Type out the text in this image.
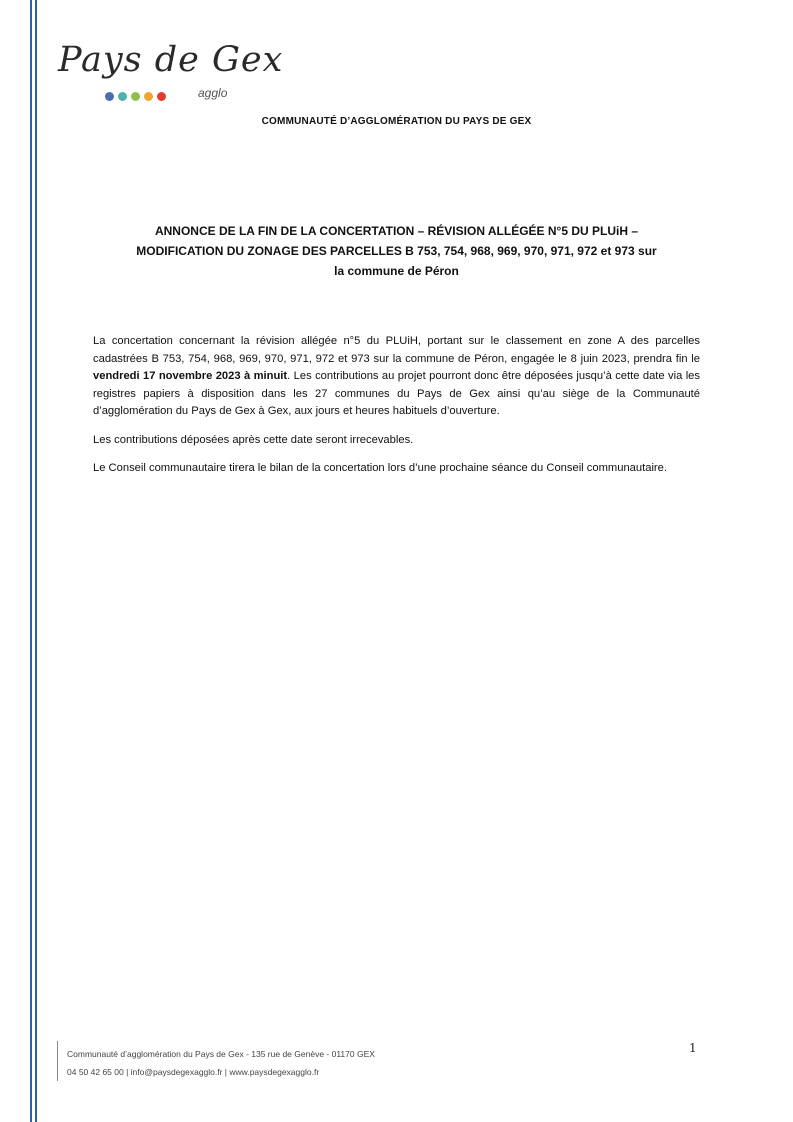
Pays de Gex
agglo
COMMUNAUTÉ D’AGGLOMÉRATION DU PAYS DE GEX
ANNONCE DE LA FIN DE LA CONCERTATION – RÉVISION ALLÉGÉE N°5 DU PLUiH –
MODIFICATION DU ZONAGE DES PARCELLES B 753, 754, 968, 969, 970, 971, 972 et 973 sur
la commune de Péron

La concertation concernant la révision allégée n°5 du PLUiH, portant sur le classement en zone A des parcelles cadastrées B 753, 754, 968, 969, 970, 971, 972 et 973 sur la commune de Péron, engagée le 8 juin 2023, prendra fin le vendredi 17 novembre 2023 à minuit. Les contributions au projet pourront donc être déposées jusqu’à cette date via les registres papiers à disposition dans les 27 communes du Pays de Gex ainsi qu’au siège de la Communauté d’agglomération du Pays de Gex à Gex, aux jours et heures habituels d’ouverture.

Les contributions déposées après cette date seront irrecevables.

Le Conseil communautaire tirera le bilan de la concertation lors d’une prochaine séance du Conseil communautaire.

Communauté d’agglomération du Pays de Gex - 135 rue de Genève - 01170 GEX
04 50 42 65 00 | info@paysdegexagglo.fr | www.paysdegexagglo.fr
1
